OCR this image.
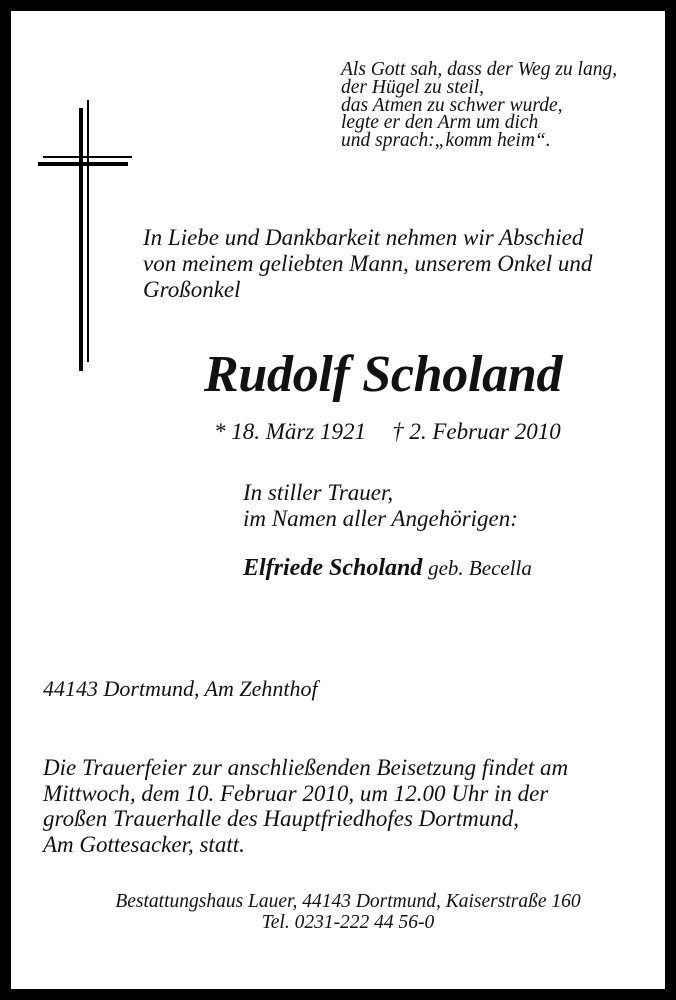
Als Gott sah, dass der Weg zu lang,
der Hügel zu steil,
das Atmen zu schwer wurde,
legte er den Arm um dich
und sprach:„komm heim“.
In Liebe und Dankbarkeit nehmen wir Abschied
von meinem geliebten Mann, unserem Onkel und
Großonkel
Rudolf Scholand
* 18. März 1921 † 2. Februar 2010
In stiller Trauer,
im Namen aller Angehörigen:
Elfriede Scholand geb. Becella
44143 Dortmund, Am Zehnthof
Die Trauerfeier zur anschließenden Beisetzung findet am
Mittwoch, dem 10. Februar 2010, um 12.00 Uhr in der
großen Trauerhalle des Hauptfriedhofes Dortmund,
Am Gottesacker, statt.
Bestattungshaus Lauer, 44143 Dortmund, Kaiserstraße 160
Tel. 0231-222 44 56-0
